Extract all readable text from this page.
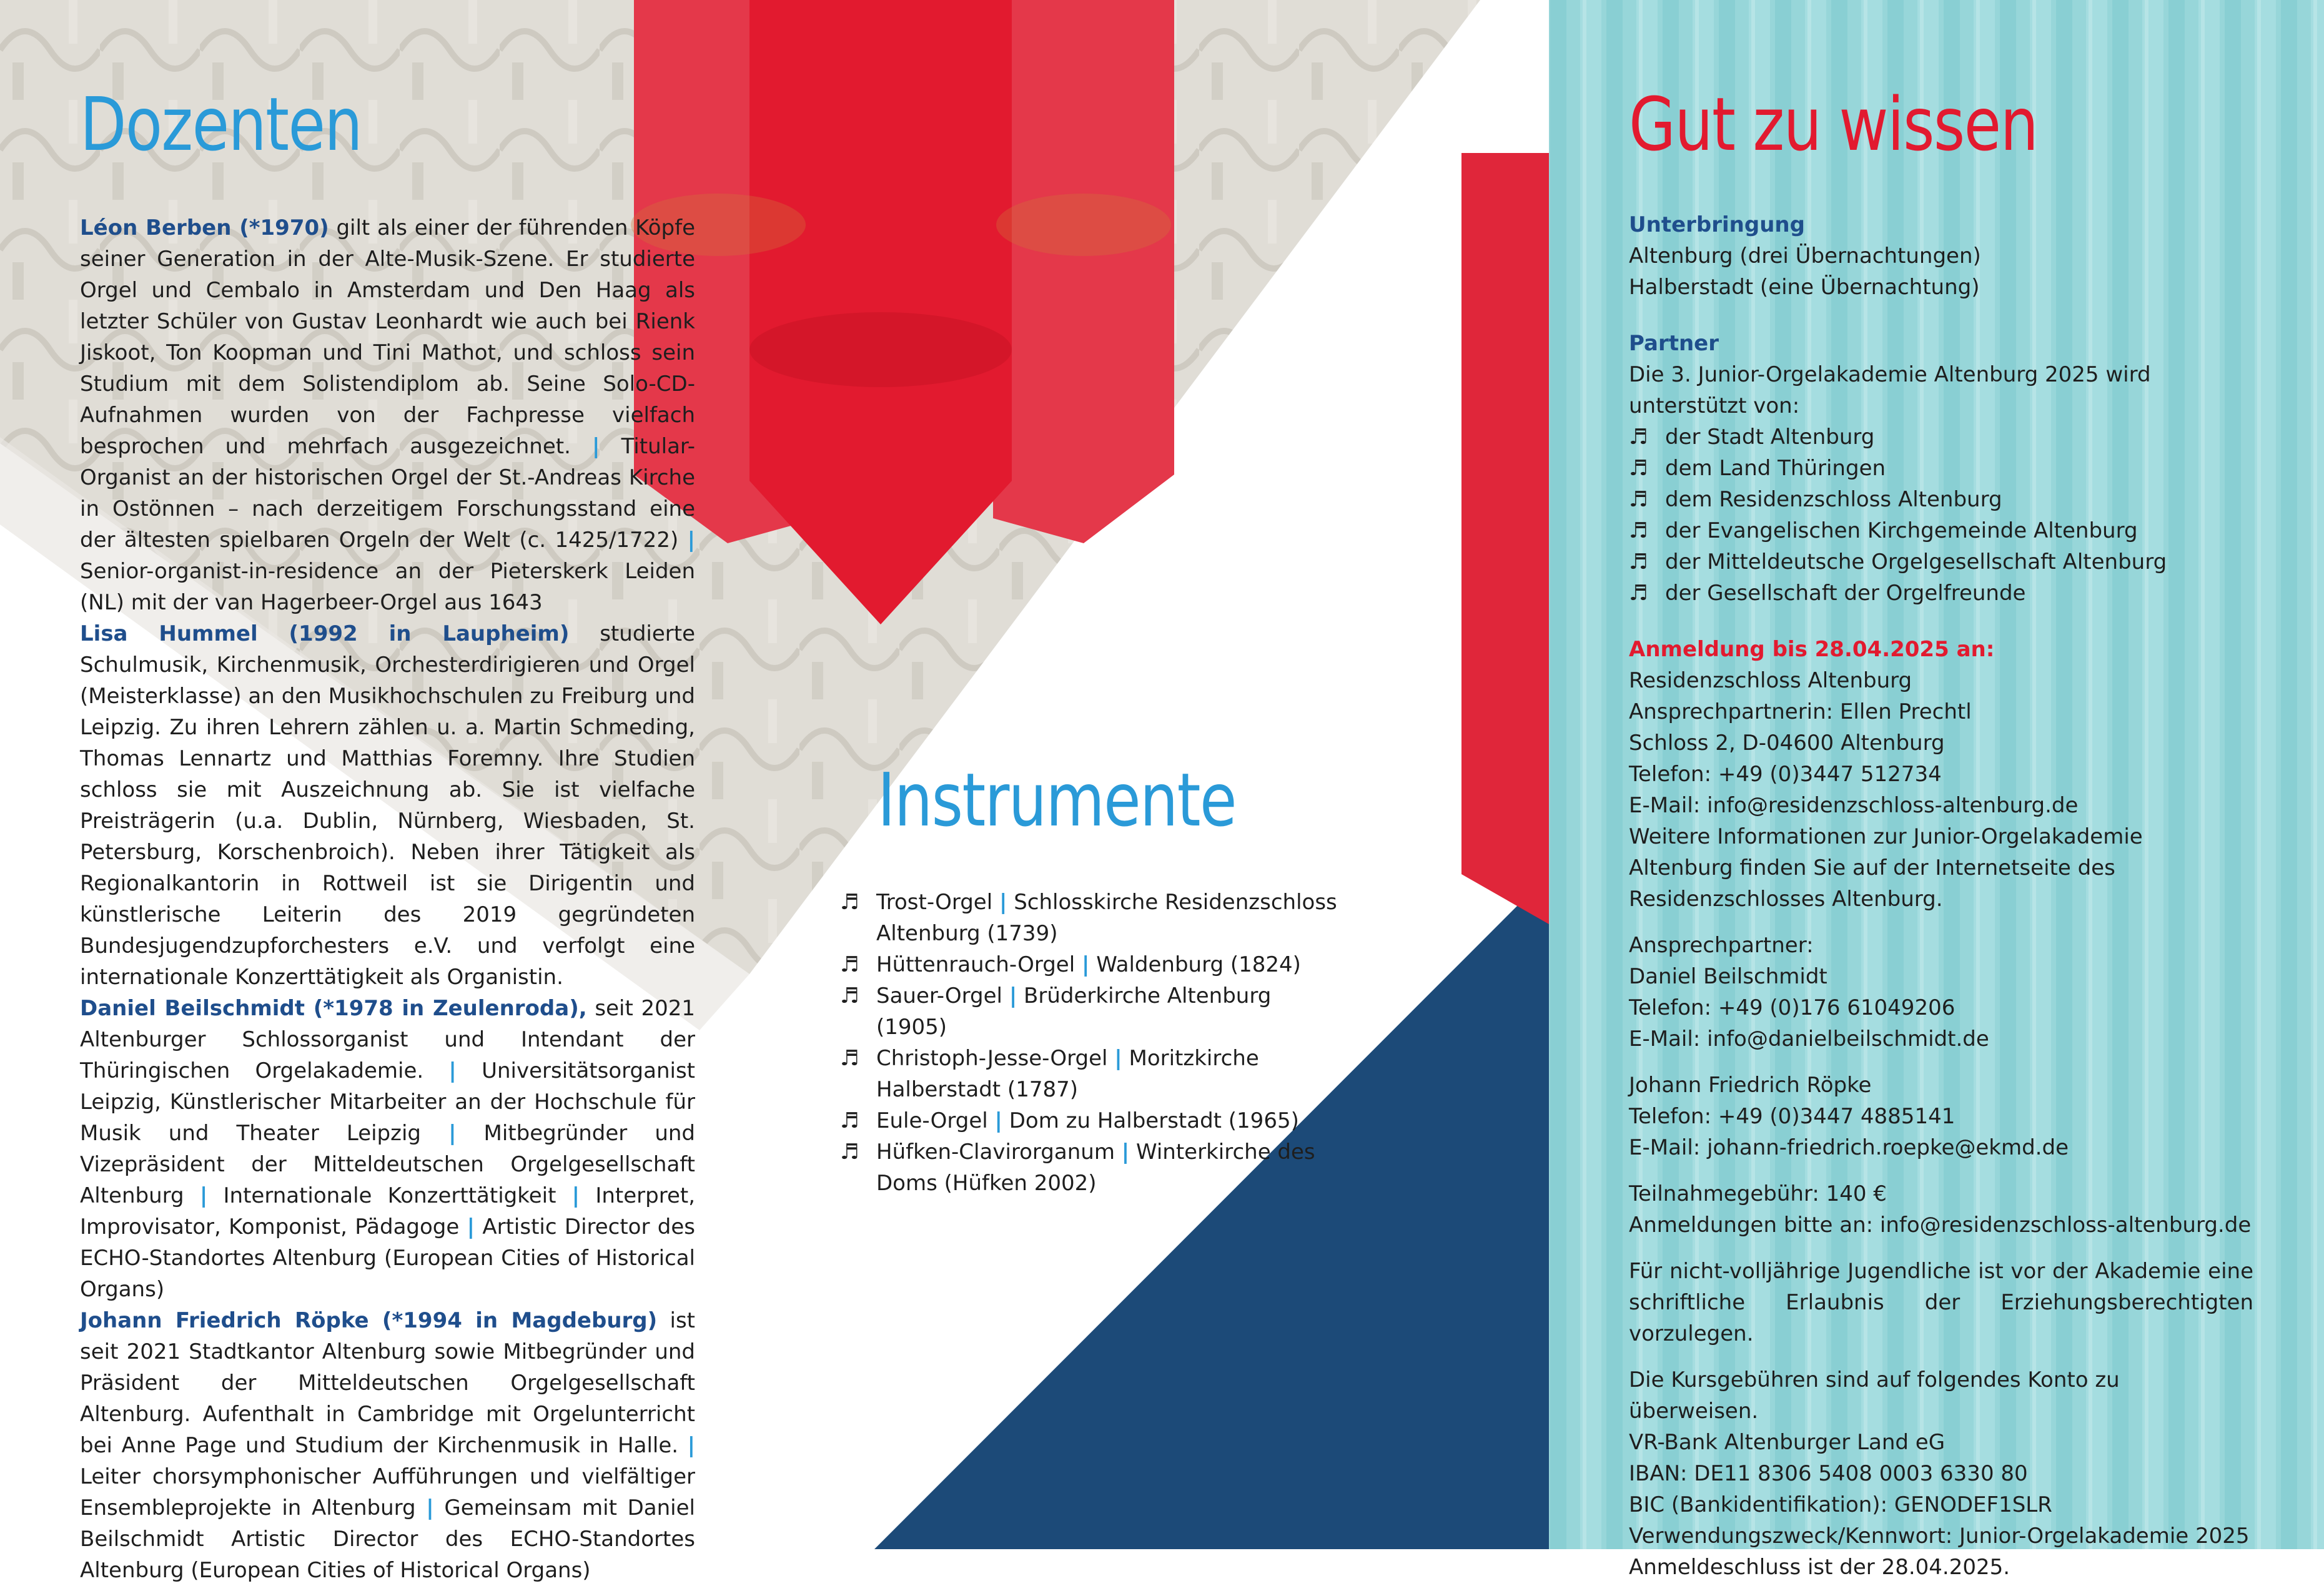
Dozenten

Léon Berben (*1970) gilt als einer der führenden Köpfe seiner Generation in der Alte-Musik-Szene. Er studierte Orgel und Cembalo in Amsterdam und Den Haag als letzter Schüler von Gustav Leonhardt wie auch bei Rienk Jiskoot, Ton Koopman und Tini Mathot, und schloss sein Studium mit dem Solistendiplom ab. Seine Solo-CD-Aufnahmen wurden von der Fachpresse vielfach besprochen und mehrfach ausgezeichnet. | Titular-Organist an der historischen Orgel der St.-Andreas Kirche in Ostönnen – nach derzeitigem Forschungsstand eine der ältesten spielbaren Orgeln der Welt (c. 1425/1722) | Senior-organist-in-residence an der Pieterskerk Leiden (NL) mit der van Hagerbeer-Orgel aus 1643

Lisa Hummel (1992 in Laupheim) studierte Schulmusik, Kirchenmusik, Orchesterdirigieren und Orgel (Meisterklasse) an den Musikhochschulen zu Freiburg und Leipzig. Zu ihren Lehrern zählen u. a. Martin Schmeding, Thomas Lennartz und Matthias Foremny. Ihre Studien schloss sie mit Auszeichnung ab. Sie ist vielfache Preisträgerin (u.a. Dublin, Nürnberg, Wiesbaden, St. Petersburg, Korschenbroich). Neben ihrer Tätigkeit als Regionalkantorin in Rottweil ist sie Dirigentin und künstlerische Leiterin des 2019 gegründeten Bundesjugendzupforchesters e.V. und verfolgt eine internationale Konzerttätigkeit als Organistin.

Daniel Beilschmidt (*1978 in Zeulenroda), seit 2021 Altenburger Schlossorganist und Intendant der Thüringischen Orgelakademie. | Universitätsorganist Leipzig, Künstlerischer Mitarbeiter an der Hochschule für Musik und Theater Leipzig | Mitbegründer und Vizepräsident der Mitteldeutschen Orgelgesellschaft Altenburg | Internationale Konzerttätigkeit | Interpret, Improvisator, Komponist, Pädagoge | Artistic Director des ECHO-Standortes Altenburg (European Cities of Historical Organs)

Johann Friedrich Röpke (*1994 in Magdeburg) ist seit 2021 Stadtkantor Altenburg sowie Mitbegründer und Präsident der Mitteldeutschen Orgelgesellschaft Altenburg. Aufenthalt in Cambridge mit Orgelunterricht bei Anne Page und Studium der Kirchenmusik in Halle. | Leiter chorsymphonischer Aufführungen und vielfältiger Ensembleprojekte in Altenburg | Gemeinsam mit Daniel Beilschmidt Artistic Director des ECHO-Standortes Altenburg (European Cities of Historical Organs)

Instrumente
♬ Trost-Orgel | Schlosskirche Residenzschloss Altenburg (1739)
♬ Hüttenrauch-Orgel | Waldenburg (1824)
♬ Sauer-Orgel | Brüderkirche Altenburg (1905)
♬ Christoph-Jesse-Orgel | Moritzkirche Halberstadt (1787)
♬ Eule-Orgel | Dom zu Halberstadt (1965)
♬ Hüfken-Clavirorganum | Winterkirche des Doms (Hüfken 2002)
Gut zu wissen
Unterbringung
Altenburg (drei Übernachtungen)
Halberstadt (eine Übernachtung)
Partner
Die 3. Junior-Orgelakademie Altenburg 2025 wird unterstützt von:
♬ der Stadt Altenburg
♬ dem Land Thüringen
♬ dem Residenzschloss Altenburg
♬ der Evangelischen Kirchgemeinde Altenburg
♬ der Mitteldeutsche Orgelgesellschaft Altenburg
♬ der Gesellschaft der Orgelfreunde
Anmeldung bis 28.04.2025 an:
Residenzschloss Altenburg
Ansprechpartnerin: Ellen Prechtl
Schloss 2, D-04600 Altenburg
Telefon: +49 (0)3447 512734
E-Mail: info@residenzschloss-altenburg.de
Weitere Informationen zur Junior-Orgelakademie Altenburg finden Sie auf der Internetseite des Residenzschlosses Altenburg.
Ansprechpartner:
Daniel Beilschmidt
Telefon: +49 (0)176 61049206
E-Mail: info@danielbeilschmidt.de
Johann Friedrich Röpke
Telefon: +49 (0)3447 4885141
E-Mail: johann-friedrich.roepke@ekmd.de
Teilnahmegebühr: 140 €
Anmeldungen bitte an: info@residenzschloss-altenburg.de
Für nicht-volljährige Jugendliche ist vor der Akademie eine schriftliche Erlaubnis der Erziehungsberechtigten vorzulegen.
Die Kursgebühren sind auf folgendes Konto zu überweisen.
VR-Bank Altenburger Land eG
IBAN: DE11 8306 5408 0003 6330 80
BIC (Bankidentifikation): GENODEF1SLR
Verwendungszweck/Kennwort: Junior-Orgelakademie 2025
Anmeldeschluss ist der 28.04.2025.
